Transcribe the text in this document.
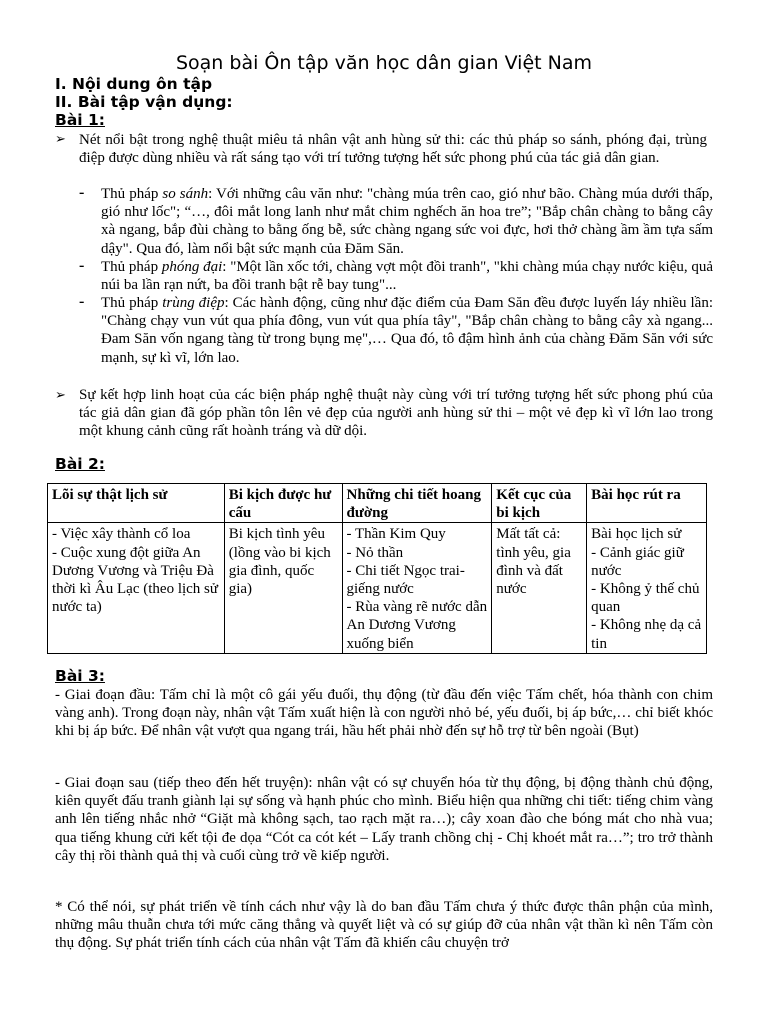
Soạn bài Ôn tập văn học dân gian Việt Nam
I. Nội dung ôn tập
II. Bài tập vận dụng:
Bài 1:
➢ Nét nổi bật trong nghệ thuật miêu tả nhân vật anh hùng sử thi: các thủ pháp so sánh, phóng đại, trùng điệp được dùng nhiều và rất sáng tạo với trí tưởng tượng hết sức phong phú của tác giả dân gian.
- Thủ pháp so sánh: Với những câu văn như: "chàng múa trên cao, gió như bão. Chàng múa dưới thấp, gió như lốc"; “…, đôi mắt long lanh như mắt chim nghếch ăn hoa tre”; "Bắp chân chàng to bằng cây xà ngang, bắp đùi chàng to bằng ống bễ, sức chàng ngang sức voi đực, hơi thở chàng ầm ầm tựa sấm dậy". Qua đó, làm nổi bật sức mạnh của Đăm Săn.
- Thủ pháp phóng đại: "Một lần xốc tới, chàng vợt một đồi tranh", "khi chàng múa chạy nước kiệu, quả núi ba lần rạn nứt, ba đồi tranh bật rễ bay tung"...
- Thủ pháp trùng điệp: Các hành động, cũng như đặc điểm của Đam Săn đều được luyến láy nhiều lần: "Chàng chạy vun vút qua phía đông, vun vút qua phía tây", "Bắp chân chàng to bằng cây xà ngang... Đam Săn vốn ngang tàng từ trong bụng mẹ",… Qua đó, tô đậm hình ảnh của chàng Đăm Săn với sức mạnh, sự kì vĩ, lớn lao.
➢ Sự kết hợp linh hoạt của các biện pháp nghệ thuật này cùng với trí tưởng tượng hết sức phong phú của tác giả dân gian đã góp phần tôn lên vẻ đẹp của người anh hùng sử thi – một vẻ đẹp kì vĩ lớn lao trong một khung cảnh cũng rất hoành tráng và dữ dội.
Bài 2:
Lõi sự thật lịch sử	Bi kịch được hư cấu	Những chi tiết hoang đường	Kết cục của bi kịch	Bài học rút ra

- Việc xây thành cổ loa
- Cuộc xung đột giữa An Dương Vương và Triệu Đà thời kì Âu Lạc (theo lịch sử nước ta)	Bi kịch tình yêu (lồng vào bi kịch gia đình, quốc gia)	- Thần Kim Quy
- Nỏ thần
- Chi tiết Ngọc trai-giếng nước
- Rùa vàng rẽ nước dẫn An Dương Vương xuống biển	Mất tất cả: tình yêu, gia đình và đất nước	Bài học lịch sử
- Cảnh giác giữ nước
- Không ỷ thế chủ quan
- Không nhẹ dạ cả tin
Bài 3:
- Giai đoạn đầu: Tấm chỉ là một cô gái yếu đuối, thụ động (từ đầu đến việc Tấm chết, hóa thành con chim vàng anh). Trong đoạn này, nhân vật Tấm xuất hiện là con người nhỏ bé, yếu đuối, bị áp bức,… chỉ biết khóc khi bị áp bức. Để nhân vật vượt qua ngang trái, hầu hết phải nhờ đến sự hỗ trợ từ bên ngoài (Bụt)
- Giai đoạn sau (tiếp theo đến hết truyện): nhân vật có sự chuyển hóa từ thụ động, bị động thành chủ động, kiên quyết đấu tranh giành lại sự sống và hạnh phúc cho mình. Biểu hiện qua những chi tiết: tiếng chim vàng anh lên tiếng nhắc nhở “Giặt mà không sạch, tao rạch mặt ra…); cây xoan đào che bóng mát cho nhà vua; qua tiếng khung cửi kết tội đe dọa “Cót ca cót két – Lấy tranh chồng chị - Chị khoét mắt ra…”; tro trở thành cây thị rồi thành quả thị và cuối cùng trở về kiếp người.
* Có thể nói, sự phát triển về tính cách như vậy là do ban đầu Tấm chưa ý thức được thân phận của mình, những mâu thuẫn chưa tới mức căng thẳng và quyết liệt và có sự giúp đỡ của nhân vật thần kì nên Tấm còn thụ động. Sự phát triển tính cách của nhân vật Tấm đã khiến câu chuyện trở
